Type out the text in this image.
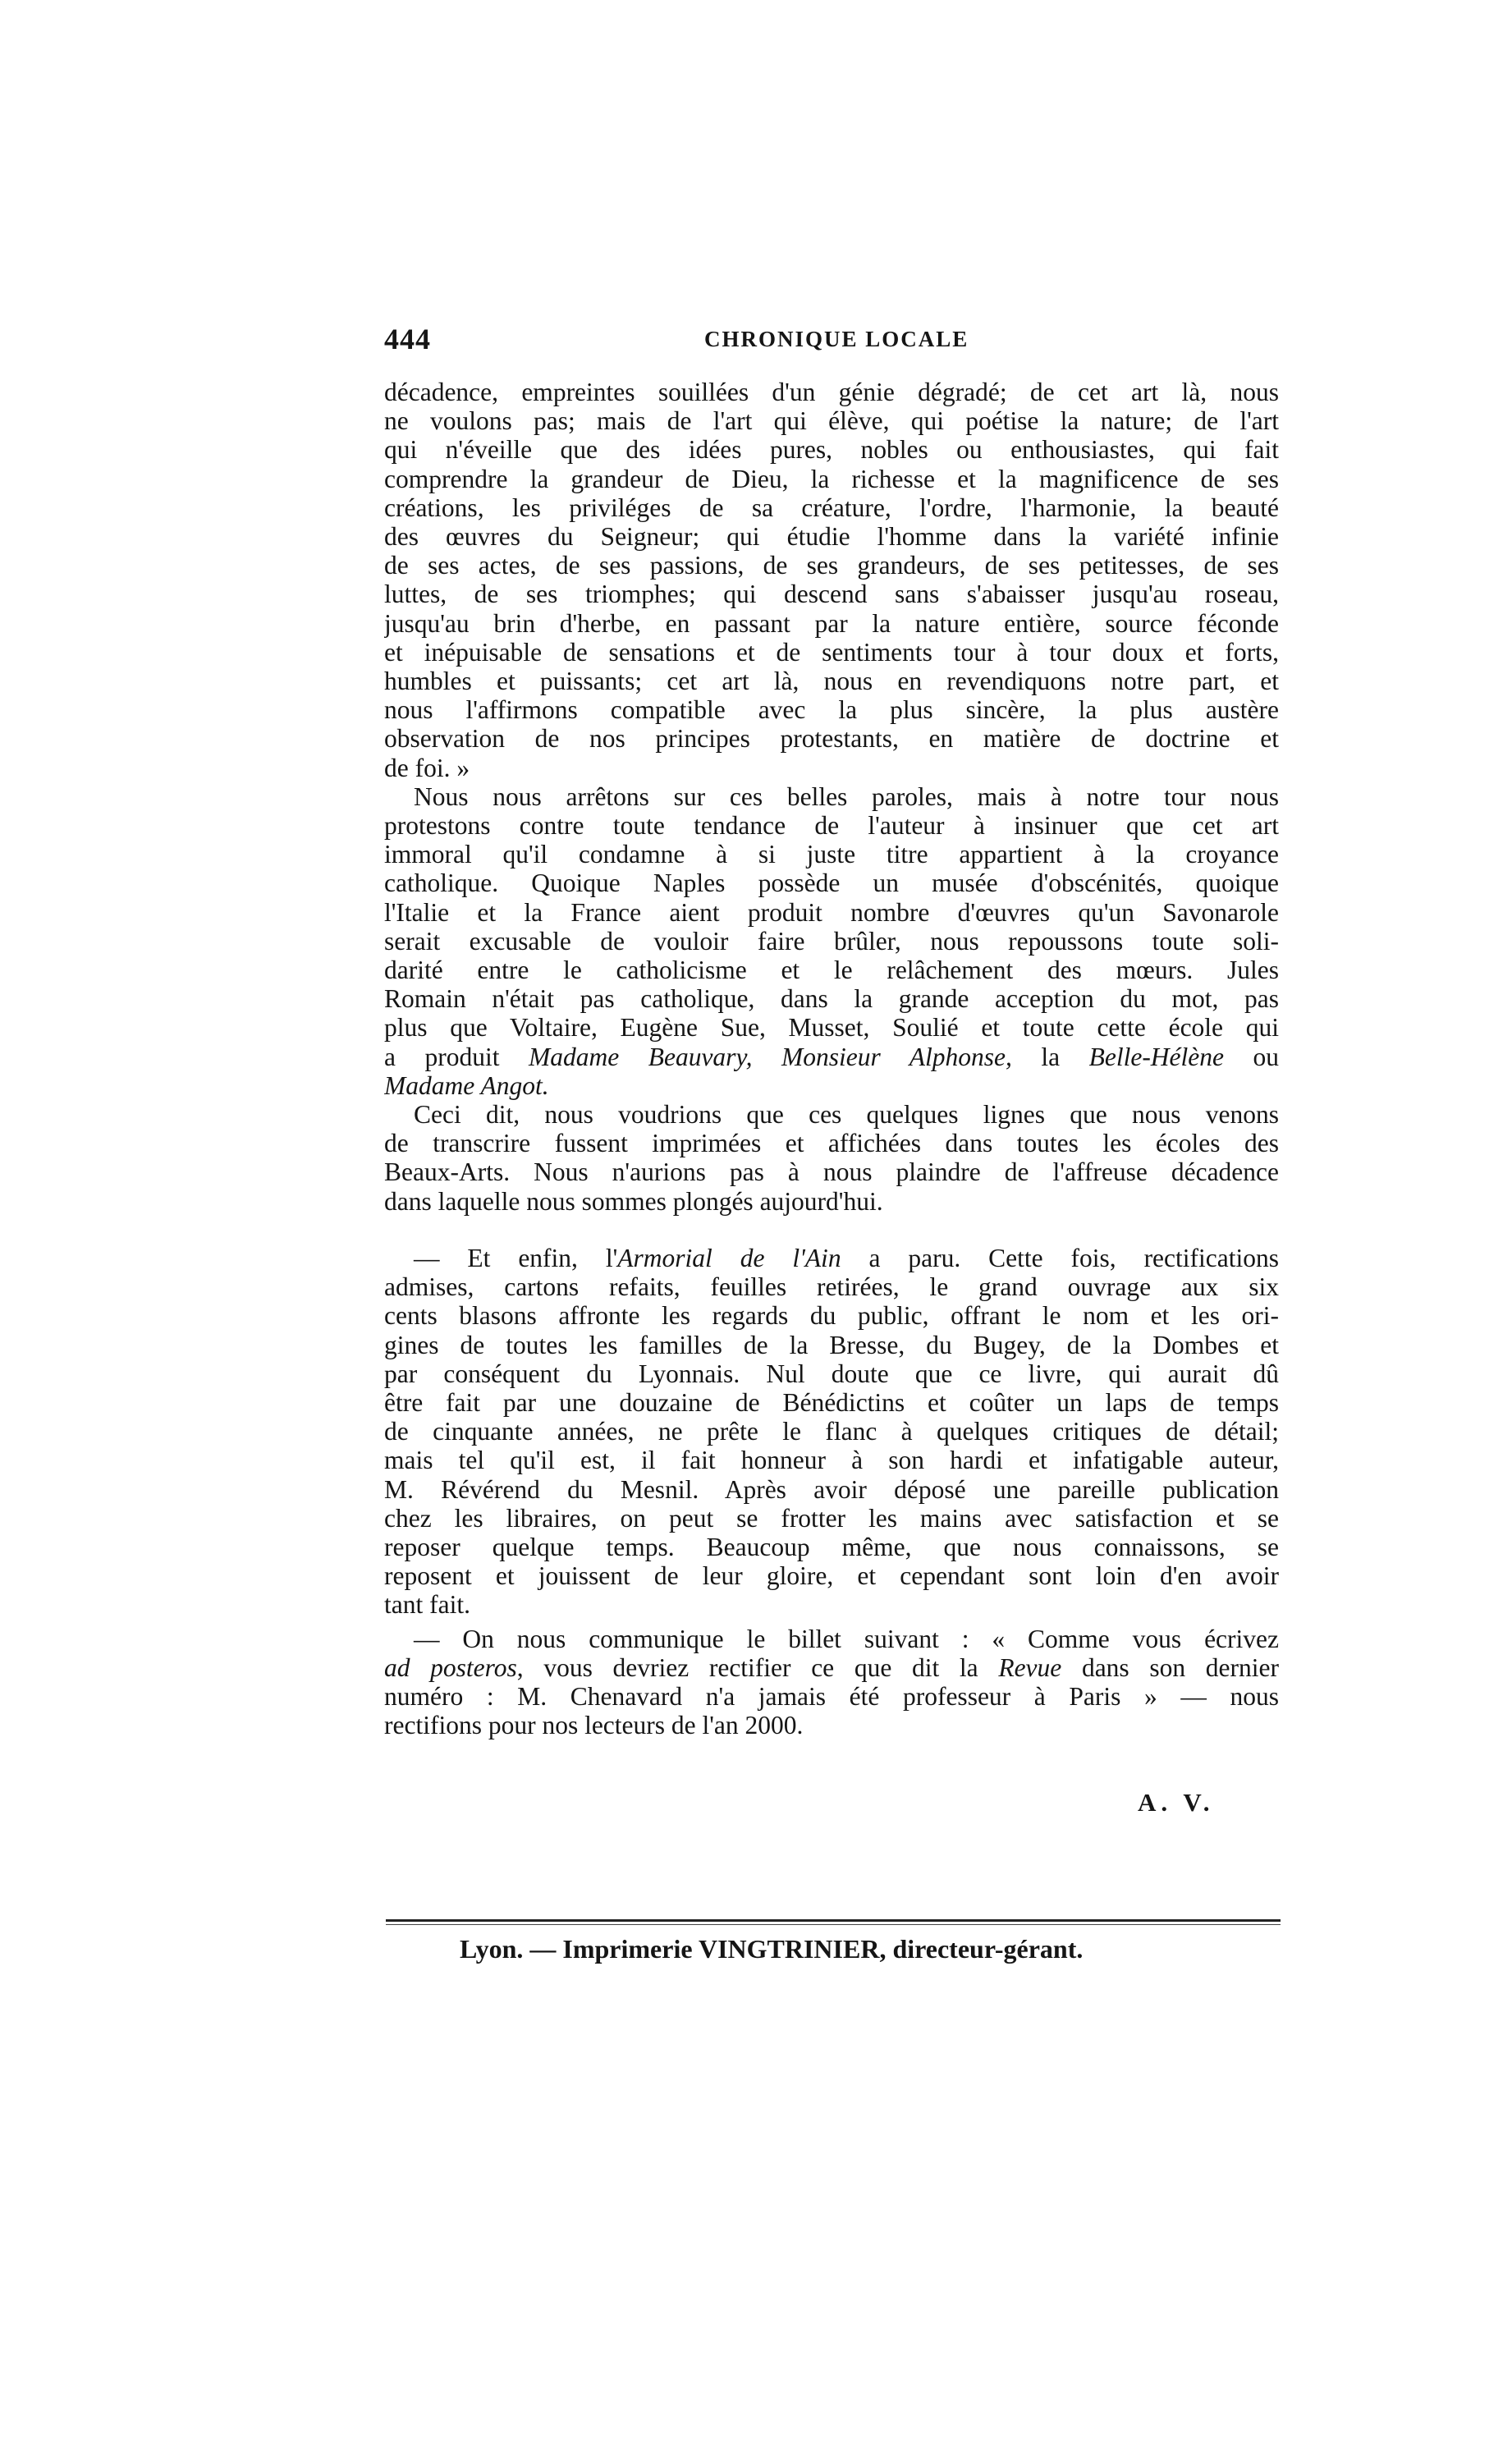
444	CHRONIQUE LOCALE

décadence, empreintes souillées d'un génie dégradé; de cet art là, nous
ne voulons pas; mais de l'art qui élève, qui poétise la nature; de l'art
qui n'éveille que des idées pures, nobles ou enthousiastes, qui fait
comprendre la grandeur de Dieu, la richesse et la magnificence de ses
créations, les priviléges de sa créature, l'ordre, l'harmonie, la beauté
des œuvres du Seigneur; qui étudie l'homme dans la variété infinie
de ses actes, de ses passions, de ses grandeurs, de ses petitesses, de ses
luttes, de ses triomphes; qui descend sans s'abaisser jusqu'au roseau,
jusqu'au brin d'herbe, en passant par la nature entière, source féconde
et inépuisable de sensations et de sentiments tour à tour doux et forts,
humbles et puissants; cet art là, nous en revendiquons notre part, et
nous l'affirmons compatible avec la plus sincère, la plus austère
observation de nos principes protestants, en matière de doctrine et
de foi. »

Nous nous arrêtons sur ces belles paroles, mais à notre tour nous
protestons contre toute tendance de l'auteur à insinuer que cet art
immoral qu'il condamne à si juste titre appartient à la croyance
catholique. Quoique Naples possède un musée d'obscénités, quoique
l'Italie et la France aient produit nombre d'œuvres qu'un Savonarole
serait excusable de vouloir faire brûler, nous repoussons toute soli-
darité entre le catholicisme et le relâchement des mœurs. Jules
Romain n'était pas catholique, dans la grande acception du mot, pas
plus que Voltaire, Eugène Sue, Musset, Soulié et toute cette école qui
a produit Madame Beauvary, Monsieur Alphonse, la Belle-Hélène ou
Madame Angot.

Ceci dit, nous voudrions que ces quelques lignes que nous venons
de transcrire fussent imprimées et affichées dans toutes les écoles des
Beaux-Arts. Nous n'aurions pas à nous plaindre de l'affreuse décadence
dans laquelle nous sommes plongés aujourd'hui.

— Et enfin, l'Armorial de l'Ain a paru. Cette fois, rectifications
admises, cartons refaits, feuilles retirées, le grand ouvrage aux six
cents blasons affronte les regards du public, offrant le nom et les ori-
gines de toutes les familles de la Bresse, du Bugey, de la Dombes et
par conséquent du Lyonnais. Nul doute que ce livre, qui aurait dû
être fait par une douzaine de Bénédictins et coûter un laps de temps
de cinquante années, ne prête le flanc à quelques critiques de détail;
mais tel qu'il est, il fait honneur à son hardi et infatigable auteur,
M. Révérend du Mesnil. Après avoir déposé une pareille publication
chez les libraires, on peut se frotter les mains avec satisfaction et se
reposer quelque temps. Beaucoup même, que nous connaissons, se
reposent et jouissent de leur gloire, et cependant sont loin d'en avoir
tant fait.

— On nous communique le billet suivant : « Comme vous écrivez
ad posteros, vous devriez rectifier ce que dit la Revue dans son dernier
numéro : M. Chenavard n'a jamais été professeur à Paris » — nous
rectifions pour nos lecteurs de l'an 2000.

A. V.
Lyon. — Imprimerie VINGTRINIER, directeur-gérant.
